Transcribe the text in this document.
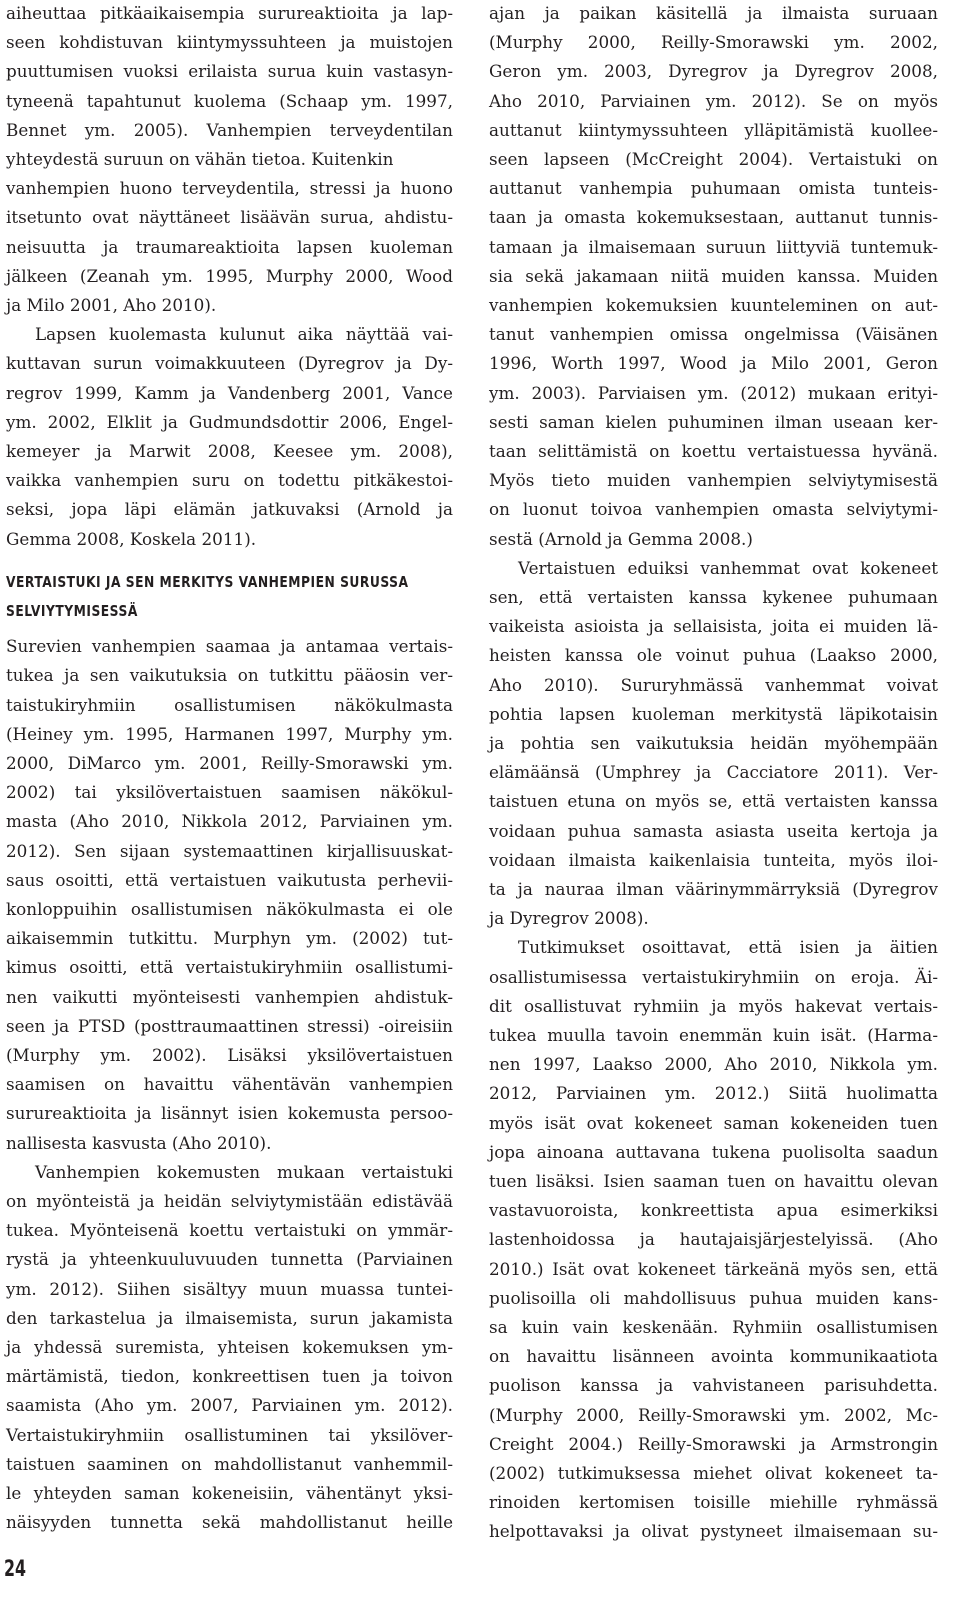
aiheuttaa pitkäaikaisempia surureaktioita ja lap-
seen kohdistuvan kiintymyssuhteen ja muistojen
puuttumisen vuoksi erilaista surua kuin vastasyn-
tyneenä tapahtunut kuolema (Schaap ym. 1997,
Bennet ym. 2005). Vanhempien terveydentilan
yhteydestä suruun on vähän tietoa. Kuitenkin
vanhempien huono terveydentila, stressi ja huono
itsetunto ovat näyttäneet lisäävän surua, ahdistu-
neisuutta ja traumareaktioita lapsen kuoleman
jälkeen (Zeanah ym. 1995, Murphy 2000, Wood
ja Milo 2001, Aho 2010).
Lapsen kuolemasta kulunut aika näyttää vai-
kuttavan surun voimakkuuteen (Dyregrov ja Dy-
regrov 1999, Kamm ja Vandenberg 2001, Vance
ym. 2002, Elklit ja Gudmundsdottir 2006, Engel-
kemeyer ja Marwit 2008, Keesee ym. 2008),
vaikka vanhempien suru on todettu pitkäkestoi-
seksi, jopa läpi elämän jatkuvaksi (Arnold ja
Gemma 2008, Koskela 2011).
VERTAISTUKI JA SEN MERKITYS VANHEMPIEN SURUSSA
SELVIYTYMISESSÄ
Surevien vanhempien saamaa ja antamaa vertais-
tukea ja sen vaikutuksia on tutkittu pääosin ver-
taistukiryhmiin osallistumisen näkökulmasta
(Heiney ym. 1995, Harmanen 1997, Murphy ym.
2000, DiMarco ym. 2001, Reilly-Smorawski ym.
2002) tai yksilövertaistuen saamisen näkökul-
masta (Aho 2010, Nikkola 2012, Parviainen ym.
2012). Sen sijaan systemaattinen kirjallisuuskat-
saus osoitti, että vertaistuen vaikutusta perhevii-
konloppuihin osallistumisen näkökulmasta ei ole
aikaisemmin tutkittu. Murphyn ym. (2002) tut-
kimus osoitti, että vertaistukiryhmiin osallistumi-
nen vaikutti myönteisesti vanhempien ahdistuk-
seen ja PTSD (posttraumaattinen stressi) -oireisiin
(Murphy ym. 2002). Lisäksi yksilövertaistuen
saamisen on havaittu vähentävän vanhempien
surureaktioita ja lisännyt isien kokemusta persoo-
nallisesta kasvusta (Aho 2010).
Vanhempien kokemusten mukaan vertaistuki
on myönteistä ja heidän selviytymistään edistävää
tukea. Myönteisenä koettu vertaistuki on ymmär-
rystä ja yhteenkuuluvuuden tunnetta (Parviainen
ym. 2012). Siihen sisältyy muun muassa tuntei-
den tarkastelua ja ilmaisemista, surun jakamista
ja yhdessä suremista, yhteisen kokemuksen ym-
märtämistä, tiedon, konkreettisen tuen ja toivon
saamista (Aho ym. 2007, Parviainen ym. 2012).
Vertaistukiryhmiin osallistuminen tai yksilöver-
taistuen saaminen on mahdollistanut vanhemmil-
le yhteyden saman kokeneisiin, vähentänyt yksi-
näisyyden tunnetta sekä mahdollistanut heille
ajan ja paikan käsitellä ja ilmaista suruaan
(Murphy 2000, Reilly-Smorawski ym. 2002,
Geron ym. 2003, Dyregrov ja Dyregrov 2008,
Aho 2010, Parviainen ym. 2012). Se on myös
auttanut kiintymyssuhteen ylläpitämistä kuollee-
seen lapseen (McCreight 2004). Vertaistuki on
auttanut vanhempia puhumaan omista tunteis-
taan ja omasta kokemuksestaan, auttanut tunnis-
tamaan ja ilmaisemaan suruun liittyviä tuntemuk-
sia sekä jakamaan niitä muiden kanssa. Muiden
vanhempien kokemuksien kuunteleminen on aut-
tanut vanhempien omissa ongelmissa (Väisänen
1996, Worth 1997, Wood ja Milo 2001, Geron
ym. 2003). Parviaisen ym. (2012) mukaan erityi-
sesti saman kielen puhuminen ilman useaan ker-
taan selittämistä on koettu vertaistuessa hyvänä.
Myös tieto muiden vanhempien selviytymisestä
on luonut toivoa vanhempien omasta selviytymi-
sestä (Arnold ja Gemma 2008.)
Vertaistuen eduiksi vanhemmat ovat kokeneet
sen, että vertaisten kanssa kykenee puhumaan
vaikeista asioista ja sellaisista, joita ei muiden lä-
heisten kanssa ole voinut puhua (Laakso 2000,
Aho 2010). Sururyhmässä vanhemmat voivat
pohtia lapsen kuoleman merkitystä läpikotaisin
ja pohtia sen vaikutuksia heidän myöhempään
elämäänsä (Umphrey ja Cacciatore 2011). Ver-
taistuen etuna on myös se, että vertaisten kanssa
voidaan puhua samasta asiasta useita kertoja ja
voidaan ilmaista kaikenlaisia tunteita, myös iloi-
ta ja nauraa ilman väärinymmärryksiä (Dyregrov
ja Dyregrov 2008).
Tutkimukset osoittavat, että isien ja äitien
osallistumisessa vertaistukiryhmiin on eroja. Äi-
dit osallistuvat ryhmiin ja myös hakevat vertais-
tukea muulla tavoin enemmän kuin isät. (Harma-
nen 1997, Laakso 2000, Aho 2010, Nikkola ym.
2012, Parviainen ym. 2012.) Siitä huolimatta
myös isät ovat kokeneet saman kokeneiden tuen
jopa ainoana auttavana tukena puolisolta saadun
tuen lisäksi. Isien saaman tuen on havaittu olevan
vastavuoroista, konkreettista apua esimerkiksi
lastenhoidossa ja hautajaisjärjestelyissä. (Aho
2010.) Isät ovat kokeneet tärkeänä myös sen, että
puolisoilla oli mahdollisuus puhua muiden kans-
sa kuin vain keskenään. Ryhmiin osallistumisen
on havaittu lisänneen avointa kommunikaatiota
puolison kanssa ja vahvistaneen parisuhdetta.
(Murphy 2000, Reilly-Smorawski ym. 2002, Mc-
Creight 2004.) Reilly-Smorawski ja Armstrongin
(2002) tutkimuksessa miehet olivat kokeneet ta-
rinoiden kertomisen toisille miehille ryhmässä
helpottavaksi ja olivat pystyneet ilmaisemaan su-
24
